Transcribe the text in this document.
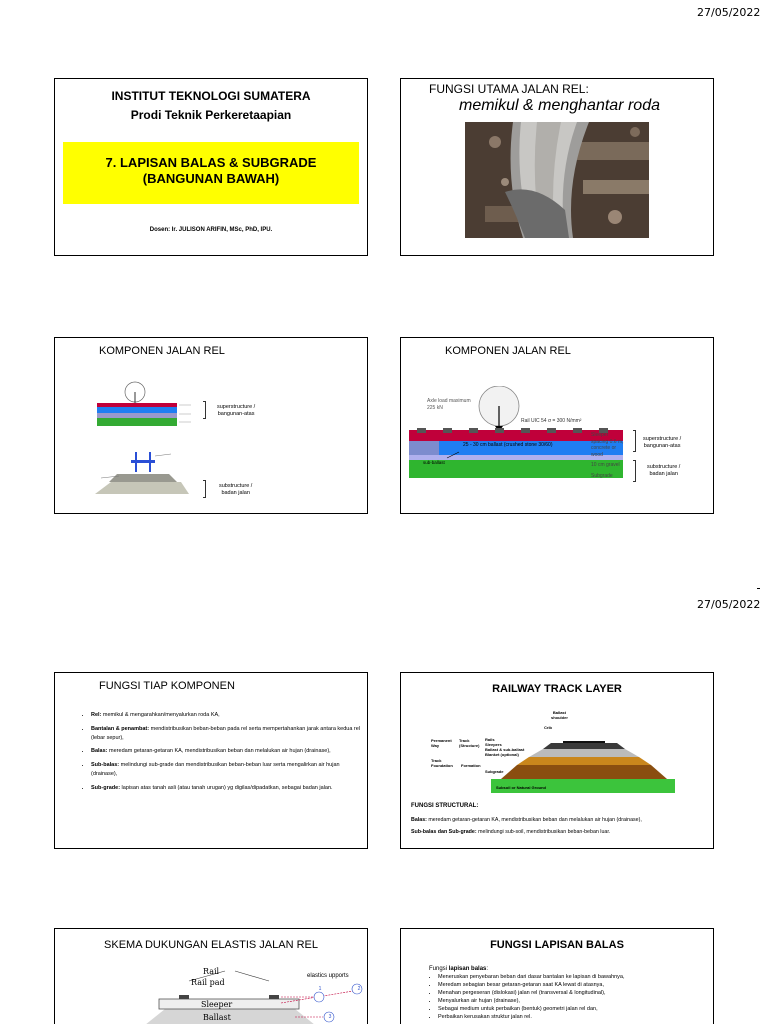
27/05/2022
27/05/2022
INSTITUT TEKNOLOGI SUMATERA
Prodi Teknik Perkeretaapian
7. LAPISAN BALAS & SUBGRADE
(BANGUNAN BAWAH)
Dosen: Ir. JULISON ARIFIN, MSc, PhD, IPU.
FUNGSI UTAMA JALAN REL:
memikul & menghantar roda
KOMPONEN JALAN REL
superstructure /
bangunan-atas
substructure /
badan jalan
KOMPONEN JALAN REL
Axle load maximum
225 kN
Rail UIC 54 σ = 300 N/mm²
25 - 30 cm ballast (crushed stone 30/60)
sub-ballast
Sleeper
spacing 0.6 m,
concrete or
wood
10 cm gravel
Subgrade
superstructure /
bangunan-atas
substructure /
badan jalan
FUNGSI TIAP KOMPONEN
• Rel: memikul & mengarahkan/menyalurkan roda KA,
• Bantalan & penambat: mendistribusikan beban-beban pada rel serta mempertahankan jarak antara kedua rel (lebar sepur),
• Balas: meredam getaran-getaran KA, mendistribusikan beban dan melalukan air hujan (drainase),
• Sub-balas: melindungi sub-grade dan mendistribusikan beban-beban luar serta mengalirkan air hujan (drainase),
• Sub-grade: lapisan atas tanah asli (atau tanah urugan) yg digilas/dipadatkan, sebagai badan jalan.
RAILWAY TRACK LAYER
Ballast
shoulder
Crib
Permanent
Way
Track
(Structure)
Track
Foundation Formation
Rails
Sleepers
Ballast & sub-ballast
Blanket (optional)
Subgrade
Subsoil or Natural Ground
FUNGSI STRUCTURAL:
Balas: meredam getaran-getaran KA, mendistribusikan beban dan melalukan air hujan (drainase),
Sub-balas dan Sub-grade: melindungi sub-soil, mendistribusikan beban-beban luar.
SKEMA DUKUNGAN ELASTIS JALAN REL
Rail
Rail pad
Sleeper
Ballast
elastics upports
1	2
3
FUNGSI LAPISAN BALAS
Fungsi lapisan balas:
• Meneruskan penyebaran beban dari dasar bantalan ke lapisan di bawahnya,
• Meredam sebagian besar getaran-getaran saat KA lewat di atasnya,
• Menahan pergeseran (dislokasi) jalan rel (transversal & longitudinal),
• Menyalurkan air hujan (drainase),
• Sebagai medium untuk perbaikan (bentuk) geometri jalan rel dan,
• Perbaikan kerusakan struktur jalan rel.
